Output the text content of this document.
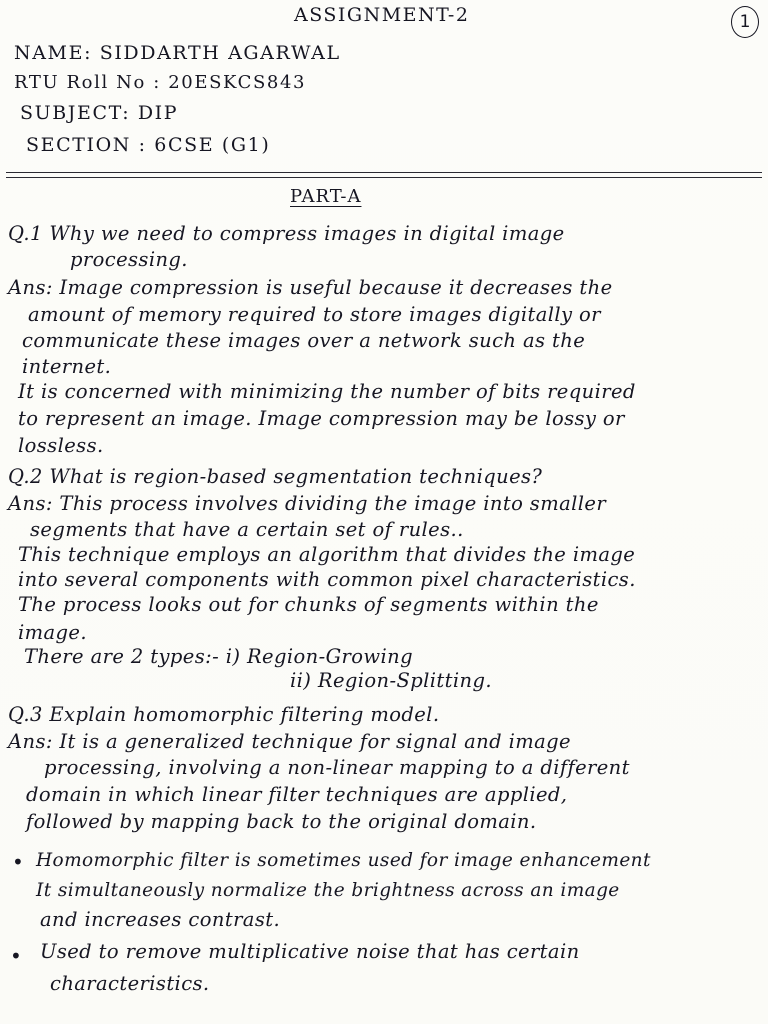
ASSIGNMENT-2	1
NAME: SIDDARTH AGARWAL
RTU Roll No : 20ESKCS843
SUBJECT: DIP
SECTION : 6CSE (G1)
PART-A
Q.1 Why we need to compress images in digital image
processing.
Ans: Image compression is useful because it decreases the
amount of memory required to store images digitally or
communicate these images over a network such as the
internet.
It is concerned with minimizing the number of bits required
to represent an image. Image compression may be lossy or
lossless.
Q.2 What is region-based segmentation techniques?
Ans: This process involves dividing the image into smaller
segments that have a certain set of rules..
This technique employs an algorithm that divides the image
into several components with common pixel characteristics.
The process looks out for chunks of segments within the
image.
There are 2 types:- i) Region-Growing
ii) Region-Splitting.
Q.3 Explain homomorphic filtering model.
Ans: It is a generalized technique for signal and image
processing, involving a non-linear mapping to a different
domain in which linear filter techniques are applied,
followed by mapping back to the original domain.
• Homomorphic filter is sometimes used for image enhancement
It simultaneously normalize the brightness across an image
and increases contrast.
• Used to remove multiplicative noise that has certain
characteristics.
